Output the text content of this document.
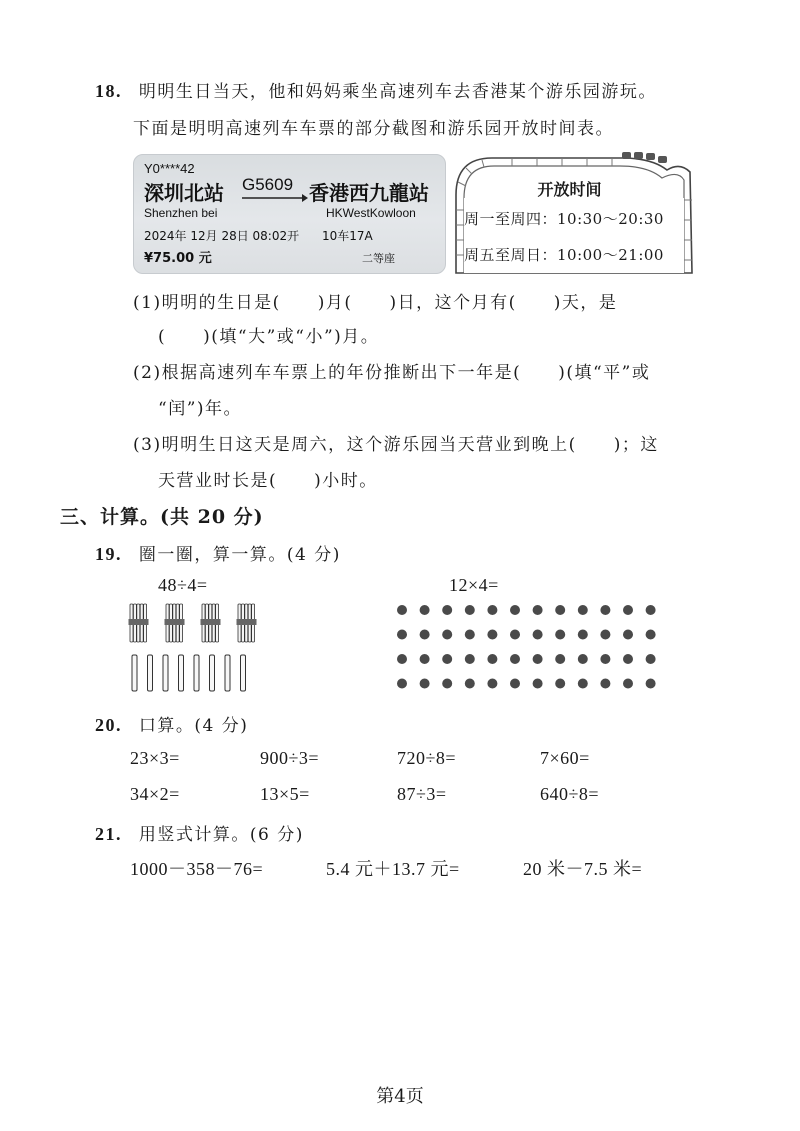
18. 明明生日当天，他和妈妈乘坐高速列车去香港某个游乐园游玩。
下面是明明高速列车车票的部分截图和游乐园开放时间表。
Y0****42
深圳北站 G5609 香港西九龍站
Shenzhen bei	HKWestKowloon
2024年 12月 28日 08:02开 10车17A
¥75.00 元	二等座
开放时间
周一至周四：10:30～20:30
周五至周日：10:00～21:00
(1)明明的生日是(　　)月(　　)日，这个月有(　　)天，是
(　　)(填“大”或“小”)月。
(2)根据高速列车车票上的年份推断出下一年是(　　)(填“平”或
“闰”)年。
(3)明明生日这天是周六，这个游乐园当天营业到晚上(　　)；这
天营业时长是(　　)小时。
三、计算。(共 20 分)
19. 圈一圈，算一算。(4 分)
48÷4=	12×4=
20. 口算。(4 分)
23×3=	900÷3=	720÷8=	7×60=
34×2=	13×5=	87÷3=	640÷8=
21. 用竖式计算。(6 分)
1000－358－76=	5.4 元＋13.7 元=	20 米－7.5 米=
第4页
